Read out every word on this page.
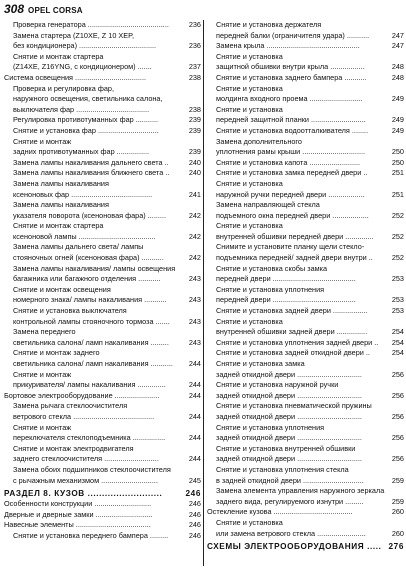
308 OPEL CORSA
Проверка генератора ........................................	236
Замена стартера (Z10XE, Z 10 XEP,
без кондиционера) ......................................	236
Снятие и монтаж стартера
(Z14XE, Z16YNG, с кондиционером) .......	237
Система освещения ...................................	238
Проверка и регулировка фар,
наружного освещения, светильника салона,
выключателя фар ....................................	238
Регулировка противотуманных фар ...........	239
Снятие и установка фар ..............................	239
Снятие и монтаж
задних противотуманных фар ................	239
Замена лампы накаливания дальнего света ..	240
Замена лампы накаливания ближнего света ..	240
Замена лампы накаливания
ксеноновых фар ........................................	241
Замена лампы накаливания
указателя поворота (ксеноновая фара) .........	242
Снятие и монтаж стартера
ксеноновой лампы ......................................	242
Замена лампы дальнего света/ лампы
стояночных огней (ксеноновая фара) ...........	242
Замена лампы накаливания/ лампы освещения
багажника или багажного отделения ...........	243
Снятие и монтаж освещения
номерного знака/ лампы накаливания ...........	243
Снятие и установка выключателя
контрольной лампы стояночного тормоза .......	243
Замена переднего
светильника салона/ ламп накаливания .........	243
Снятие и монтаж заднего
светильника салона/ ламп накаливания ........... 244
Снятие и монтаж
прикуривателя/ лампы накаливания ..............	244
Бортовое электрооборудование ......................	244
Замена рычага стеклоочистителя
ветрового стекла ........................................	244
Снятие и монтаж
переключателя стеклоподъемника ................	244
Снятие и монтаж электродвигателя
заднего стеклоочистителя ...........................	244
Замена обоих подшипников стеклоочистителя
с рычажным механизмом ............................	245
РАЗДЕЛ 8. КУЗОВ ..........................	246
Особенности конструкции ............................	246
Дверные и дверные замки ............................	246
Навесные элементы .....................................	246
Снятие и установка переднего бампера .........	246
Снятие и установка держателя
передней балки (ограничителя удара) ...........	247
Замена крыла ..............................................	247
Снятие и установка
защитной обшивки внутри крыла .................	248
Снятие и установка заднего бампера ...........	248
Снятие и установка
молдинга входного проема ..........................	249
Снятие и установка
передней защитной планки ...........................	249
Снятие и установка водоотталкивателя ........	249
Замена дополнительного
уплотнения рамы крыши ...............................	250
Снятие и установка капота .........................	250
Снятие и установка замка передней двери ..	251
Снятие и установка
наружной ручки передней двери ..................	251
Замена направляющей стекла
подъемного окна передней двери ..................	252
Снятие и установка
внутренней обшивки передней двери .............. 252
Снимите и установите планку щели стекло-
подъемника передней/ задней двери внутри ..	252
Снятие и установка скобы замка
передней двери .........................................	253
Снятие и установка уплотнения
передней двери .........................................	253
Снятие и установка задней двери .................	253
Снятие и установка
внутренней обшивки задней двери ...............	254
Снятие и установка уплотнения задней двери .. 254
Снятие и установка задней откидной двери ..	254
Снятие и установка замка
задней откидной двери ................................	256
Снятие и установка наружной ручки
задней откидной двери ................................	256
Снятие и установка пневматической пружины
задней откидной двери ................................	256
Снятие и установка уплотнения
задней откидной двери ................................	256
Снятие и установка внутренней обшивки
задней откидной двери ................................	256
Снятие и установка уплотнения стекла
в задней откидной двери ..............................	259
Замена элемента управления наружного зеркала
заднего вида, регулируемого изнутри .........	259
Остекление кузова .......................................	260
Снятие и установка
или замена ветрового стекла ........................	260
СХЕМЫ ЭЛЕКТРООБОРУДОВАНИЯ ..... 276
